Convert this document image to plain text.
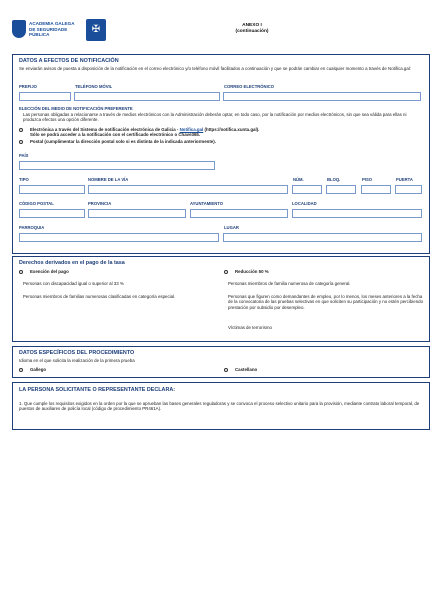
ACADEMIA GALEGA
DE SEGURIDADE PÚBLICA	✠	ANEXO I
(continuación)
DATOS A EFECTOS DE NOTIFICACIÓN
Se enviarán avisos de puesta a disposición de la notificación en el correo electrónico y/o teléfono móvil facilitados a continuación y que se podrán cambiar en cualquier momento a través de Notifica.gal:
PREFIJO	TELÉFONO MÓVIL	CORREO ELECTRÓNICO
ELECCIÓN DEL MEDIO DE NOTIFICACIÓN PREFERENTE
Las personas obligadas a relacionarse a través de medios electrónicos con la Administración deberán optar, en todo caso, por la notificación por medios electrónicos, sin que sea válida para ellas ni produzca efectos una opción diferente.
Electrónica a través del Sistema de notificación electrónica de Galicia - Notifica.gal (https://notifica.xunta.gal).
Sólo se podrá acceder a la notificación con el certificado electrónico o Chave365.
Postal (cumplimentar la dirección postal solo si es distinta de la indicada anteriormente).
PAÍS
TIPO	NOMBRE DE LA VÍA	NÚM.	BLOQ.	PISO	PUERTA
CÓDIGO POSTAL	PROVINCIA	AYUNTAMIENTO	LOCALIDAD
PARROQUIA	LUGAR
Derechos derivados en el pago de la tasa
Exención del pago	Reducción 50 %
Personas con discapacidad igual o superior al 33 %
Personas miembros de familias numerosas clasificadas en categoría especial.
Personas miembros de familia numerosa de categoría general.
Personas que figuren como demandantes de empleo, por lo menos, los meses anteriores a la fecha de la convocatoria de las pruebas selectivas en que soliciten su participación y no estén percibiendo prestación por subsidio por desempleo.
Víctimas de terrorismo
DATOS ESPECÍFICOS DEL PROCEDIMIENTO
Idioma en el que solicita la realización de la primera prueba
Gallego	Castellano
LA PERSONA SOLICITANTE O REPRESENTANTE DECLARA:
1. Que cumple los requisitos exigidos en la orden por la que se aprueban las bases generales reguladoras y se convoca el proceso selectivo unitario para la provisión, mediante contrato laboral temporal, de puestos de auxiliares de policía local (código de procedimiento PR461A).
